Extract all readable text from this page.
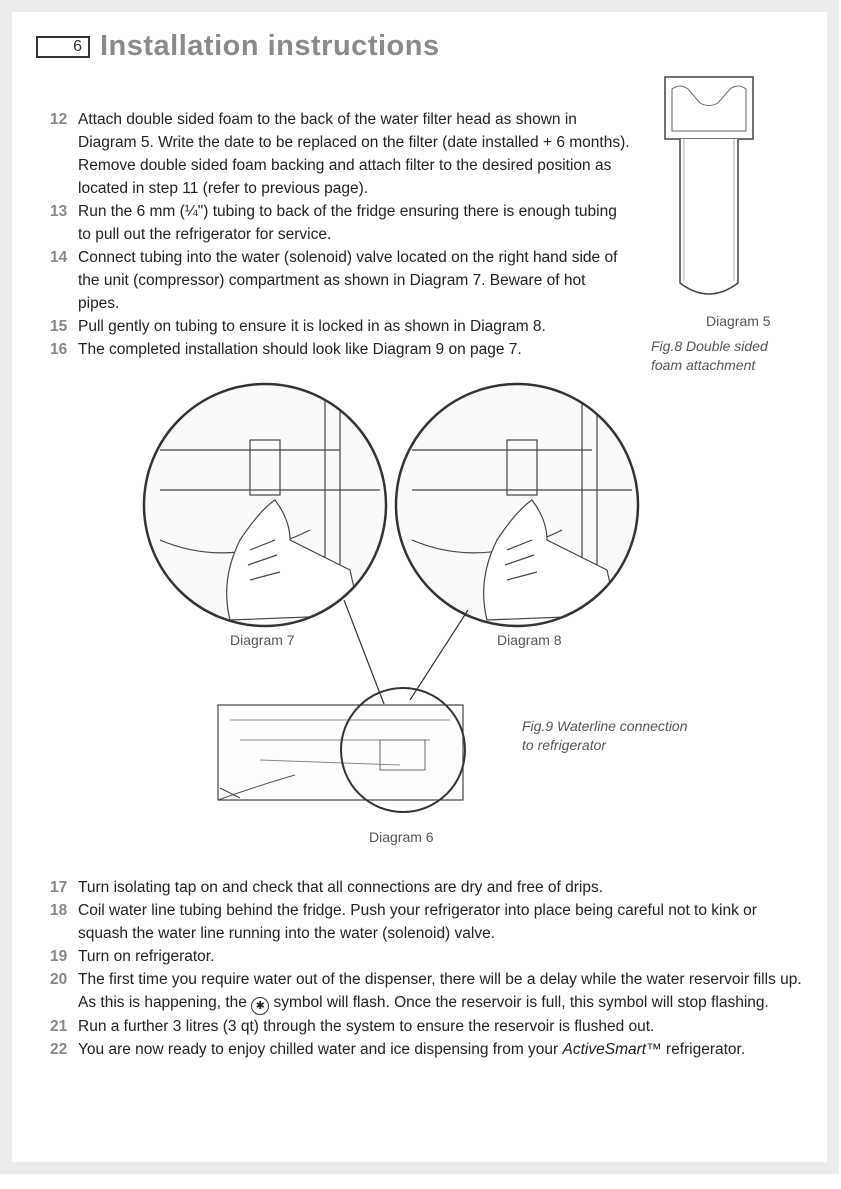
6 Installation instructions
12 Attach double sided foam to the back of the water filter head as shown in Diagram 5. Write the date to be replaced on the filter (date installed + 6 months). Remove double sided foam backing and attach filter to the desired position as located in step 11 (refer to previous page).
13 Run the 6 mm (¼") tubing to back of the fridge ensuring there is enough tubing to pull out the refrigerator for service.
14 Connect tubing into the water (solenoid) valve located on the right hand side of the unit (compressor) compartment as shown in Diagram 7. Beware of hot pipes.
15 Pull gently on tubing to ensure it is locked in as shown in Diagram 8.
16 The completed installation should look like Diagram 9 on page 7.
Diagram 5
Fig.8 Double sided
foam attachment
Diagram 7	Diagram 8
Diagram 6
Fig.9 Waterline connection
to refrigerator
17 Turn isolating tap on and check that all connections are dry and free of drips.
18 Coil water line tubing behind the fridge. Push your refrigerator into place being careful not to kink or squash the water line running into the water (solenoid) valve.
19 Turn on refrigerator.
20 The first time you require water out of the dispenser, there will be a delay while the water reservoir fills up. As this is happening, the ✱ symbol will flash. Once the reservoir is full, this symbol will stop flashing.
21 Run a further 3 litres (3 qt) through the system to ensure the reservoir is flushed out.
22 You are now ready to enjoy chilled water and ice dispensing from your ActiveSmart™ refrigerator.
